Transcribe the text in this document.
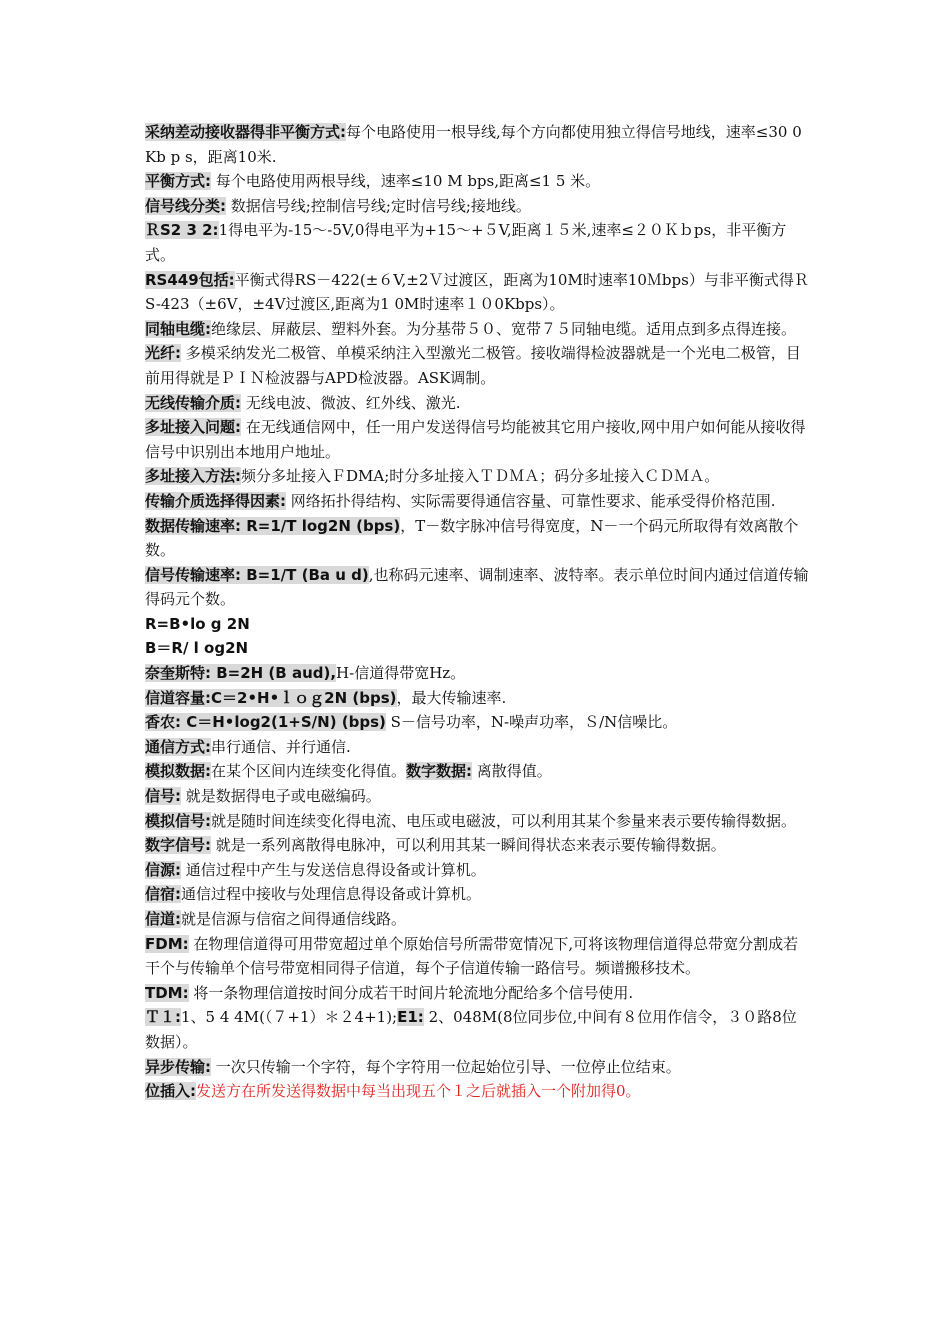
采纳差动接收器得非平衡方式:每个电路使用一根导线,每个方向都使用独立得信号地线，速率≤30 0 Kb p s，距离10米.

平衡方式: 每个电路使用两根导线，速率≤10 M bps,距离≤1 5 米。

信号线分类: 数据信号线;控制信号线;定时信号线;接地线。

ＲS2 3 2:1得电平为-15～-5V,0得电平为+15～+５V,距离１５米,速率≤２０Ｋｂps，非平衡方式。

RS449包括:平衡式得RS－422(±６V,±2Ｖ过渡区，距离为10M时速率10Ｍbps）与非平衡式得ＲS-423（±6V，±4V过渡区,距离为1 0M时速率１０0Kbps）。

同轴电缆:绝缘层、屏蔽层、塑料外套。为分基带５０、宽带７５同轴电缆。适用点到多点得连接。

光纤: 多模采纳发光二极管、单模采纳注入型激光二极管。接收端得检波器就是一个光电二极管，目前用得就是ＰＩＮ检波器与APD检波器。ASK调制。

无线传输介质: 无线电波、微波、红外线、激光.

多址接入问题: 在无线通信网中，任一用户发送得信号均能被其它用户接收,网中用户如何能从接收得信号中识别出本地用户地址。

多址接入方法:频分多址接入ＦDMA;时分多址接入ＴＤＭＡ；码分多址接入ＣＤＭＡ。

传输介质选择得因素: 网络拓扑得结构、实际需要得通信容量、可靠性要求、能承受得价格范围.

数据传输速率: R=1/T log2N (bps)，T－数字脉冲信号得宽度，N－一个码元所取得有效离散个数。

信号传输速率: B=1/T (Ba u d),也称码元速率、调制速率、波特率。表示单位时间内通过信道传输得码元个数。

R=B•lo g 2N

B＝R/ l og2N

奈奎斯特: B=2H (B aud),H-信道得带宽Hz。

信道容量:C＝2•H•ｌｏｇ2N (bps)，最大传输速率.

香农: C＝H•log2(1+S/N) (bps) S－信号功率，N-噪声功率，Ｓ/N信噪比。

通信方式:串行通信、并行通信.

模拟数据:在某个区间内连续变化得值。数字数据: 离散得值。

信号: 就是数据得电子或电磁编码。

模拟信号:就是随时间连续变化得电流、电压或电磁波，可以利用其某个参量来表示要传输得数据。

数字信号: 就是一系列离散得电脉冲，可以利用其某一瞬间得状态来表示要传输得数据。

信源: 通信过程中产生与发送信息得设备或计算机。

信宿:通信过程中接收与处理信息得设备或计算机。

信道:就是信源与信宿之间得通信线路。

FDM: 在物理信道得可用带宽超过单个原始信号所需带宽情况下,可将该物理信道得总带宽分割成若干个与传输单个信号带宽相同得子信道，每个子信道传输一路信号。频谱搬移技术。

TDM: 将一条物理信道按时间分成若干时间片轮流地分配给多个信号使用.

Ｔ１:1、5 4 4M(（７+1）＊２4+1);E1: 2、048M(8位同步位,中间有８位用作信令，３０路8位数据）。

异步传输: 一次只传输一个字符，每个字符用一位起始位引导、一位停止位结束。

位插入:发送方在所发送得数据中每当出现五个１之后就插入一个附加得0。
